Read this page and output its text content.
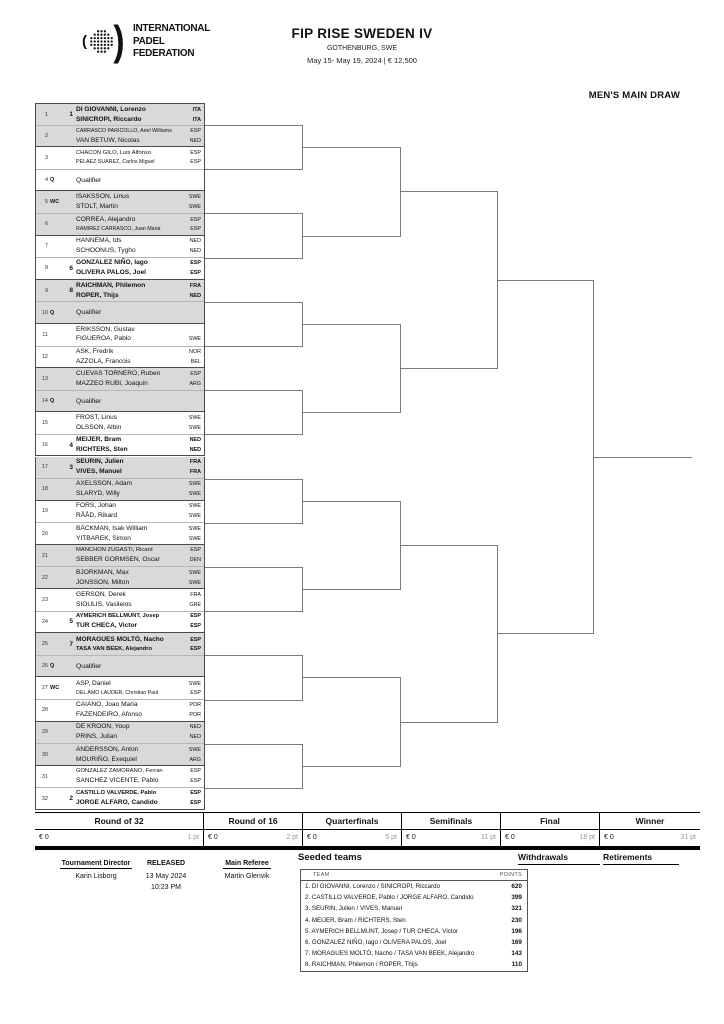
( ) INTERNATIONAL
PADEL
FEDERATION
FIP RISE SWEDEN IV
GOTHENBURG, SWE
May 15- May 19, 2024 | € 12,500
MEN'S MAIN DRAW
1	1
DI GIOVANNI, Lorenzo	ITA
SINICROPI, Riccardo	ITA
2
CARRASCO PARICOLLO, Ariel Williams	ESP
VAN BETUW, Nicolas	NED
3
CHACON GILO, Luis Alfonso	ESP
PELAEZ SUAREZ, Carlos Miguel	ESP
4 Q	Qualifier
5 WC
ISAKSSON, Linus	SWE
STOLT, Martin	SWE
6
CORREA, Alejandro	ESP
RAMIREZ CARRASCO, Juan Maria	ESP
7
HANNEMA, Ids	NED
SCHOONUS, Tygho	NED
8	6
GONZALEZ NIÑO, Iago	ESP
OLIVERA PALOS, Joel	ESP
9	8
RAICHMAN, Philemon	FRA
ROPER, Thijs	NED
10 Q	Qualifier
11
ERIKSSON, Gustav
FIGUEROA, Pablo	SWE
12
ASK, Fredrik	NOR
AZZOLA, Francois	BEL
13
CUEVAS TORNERO, Ruben	ESP
MAZZEO RUBI, Joaquin	ARG
14 Q	Qualifier
15
FROST, Linus	SWE
OLSSON, Albin	SWE
16	4
MEIJER, Bram	NED
RICHTERS, Sten	NED
17	3
SEURIN, Julien	FRA
VIVES, Manuel	FRA
18
AXELSSON, Adam	SWE
SLARYD, Willy	SWE
19
FORS, Johan	SWE
RÅÅD, Rikard	SWE
20
BÄCKMAN, Isak William	SWE
YITBAREK, Simon	SWE
21
MANCHON ZUGASTI, Ricard	ESP
SEBBER GORMSEN, Oscar	DEN
22
BJORKMAN, Max	SWE
JONSSON, Milton	SWE
23
GERSON, Derek	FRA
SIOULIS, Vasileios	GRE
24	5
AYMERICH BELLMUNT, Josep	ESP
TUR CHECA, Victor	ESP
25	7
MORAGUES MOLTÓ, Nacho	ESP
TASA VAN BEEK, Alejandro	ESP
26 Q	Qualifier
27 WC
ASP, Daniel	SWE
DEL AMO LAUDER, Christian Paul	ESP
28
CAIANO, Joao Maria	POR
FAZENDEIRO, Afonso	POR
29
DE KROON, Youp	NED
PRINS, Julian	NED
30
ANDERSSON, Anton	SWE
MOURIÑO, Exequiel	ARG
31
GONZALEZ ZAMORANO, Ferran	ESP
SANCHEZ VICENTE, Pablo	ESP
32	2
CASTILLO VALVERDE, Pablo	ESP
JORGE ALFARO, Candido	ESP
Round of 32
€ 0	1 pt
Round of 16
€ 0	2 pt
Quarterfinals
€ 0	5 pt
Semifinals
€ 0	11 pt
Final
€ 0	18 pt
Winner
€ 0	31 pt
Tournament Director
Karin Lisborg
RELEASED
13 May 2024
10:23 PM
Main Referee
Martin Glenvik
Seeded teams
TEAM	POINTS
1. DI GIOVANNI, Lorenzo / SINICROPI, Riccardo	620
2. CASTILLO VALVERDE, Pablo / JORGE ALFARO, Candido	399
3. SEURIN, Julien / VIVES, Manuel	321
4. MEIJER, Bram / RICHTERS, Sten	230
5. AYMERICH BELLMUNT, Josep / TUR CHECA, Victor	196
6. GONZALEZ NIÑO, Iago / OLIVERA PALOS, Joel	169
7. MORAGUES MOLTÓ, Nacho / TASA VAN BEEK, Alejandro	143
8. RAICHMAN, Philemon / ROPER, Thijs	110
Withdrawals	Retirements
